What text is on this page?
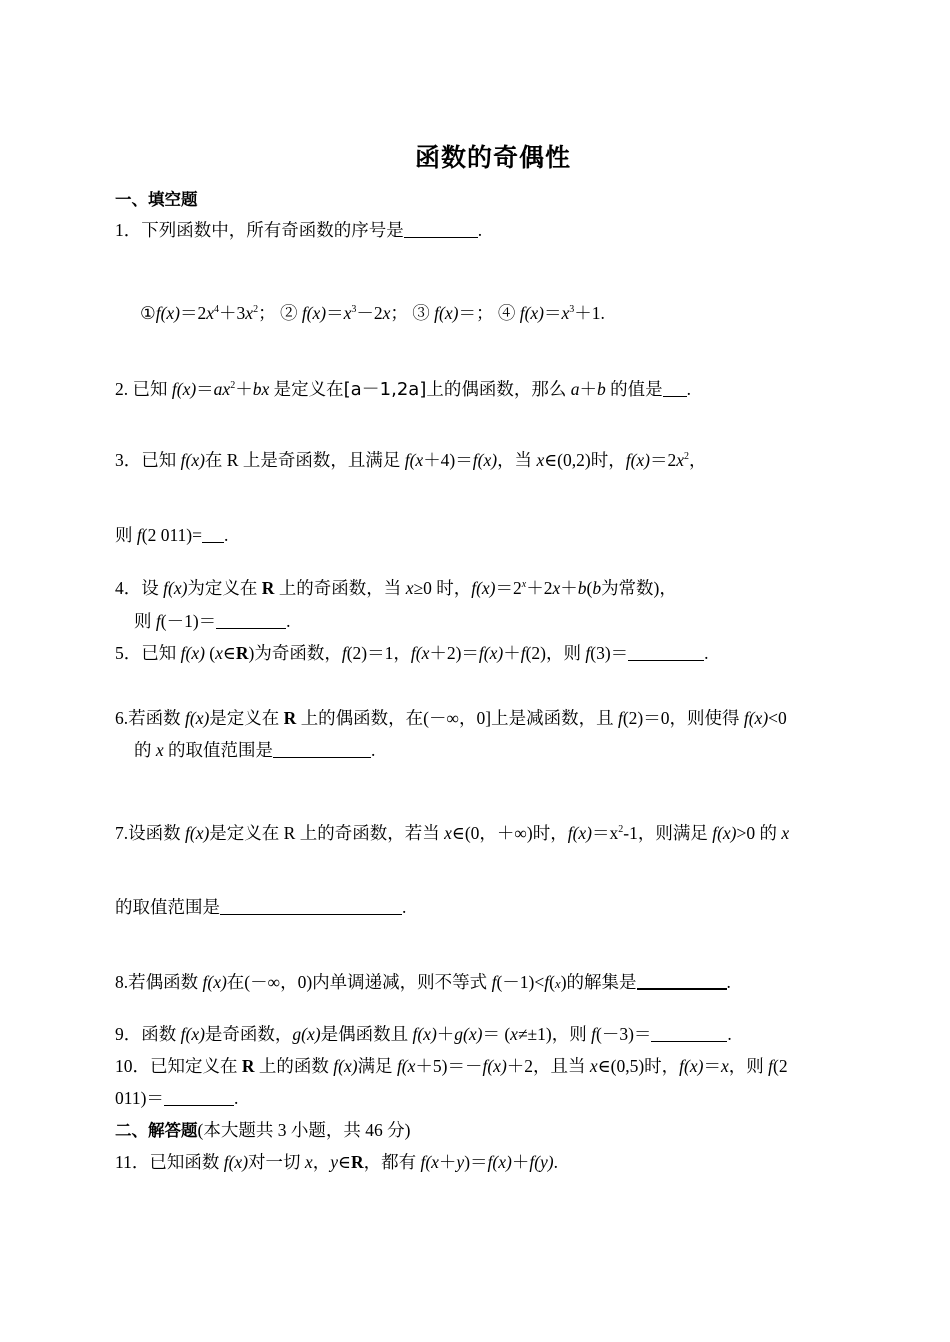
函数的奇偶性
一、填空题
1．下列函数中，所有奇函数的序号是	.
$①f(x)=2x^4+3x^2$； ② $f(x)=x^3-2x$； ③ f(x)＝； ④ $f(x)=x^3+1$.
2. 已知 $f(x)=ax^2+bx$ 是定义在[a－1,2a]上的偶函数，那么 a＋b 的值是 .
3．已知 f(x)在 R 上是奇函数，且满足 f(x＋4)＝f(x)，当 x∈(0,2)时，$f(x)=2x^2$，
则 f(2 011)= .
4．设 f(x)为定义在 R 上的奇函数，当 x≥0 时，$f(x)=2^x+2x+b(b$为常数)，
则 f(－1)＝	.
5．已知 f(x) (x∈R)为奇函数，f(2)＝1，f(x＋2)＝f(x)＋f(2)，则 f(3)＝	.
6.若函数 f(x)是定义在 R 上的偶函数，在(－∞，0]上是减函数，且 f(2)＝0，则使得 f(x)<0
的 x 的取值范围是	.
7.设函数 f(x)是定义在 R 上的奇函数，若当 x∈(0，＋∞)时，$f(x)=x^2-1$，则满足 f(x)>0 的 x
的取值范围是	.
8.若偶函数 f(x)在(－∞，0)内单调递减，则不等式 f(－1)<f(x)的解集是	.
9．函数 f(x)是奇函数，g(x)是偶函数且 f(x)＋g(x)＝ (x≠±1)，则 f(－3)＝	.
10．已知定义在 R 上的函数 f(x)满足 f(x＋5)＝－f(x)＋2，且当 x∈(0,5)时，f(x)＝x，则 f(2
011)＝	.
二、解答题(本大题共 3 小题，共 46 分)
11．已知函数 f(x)对一切 x，y∈R，都有 f(x＋y)＝f(x)＋f(y).
